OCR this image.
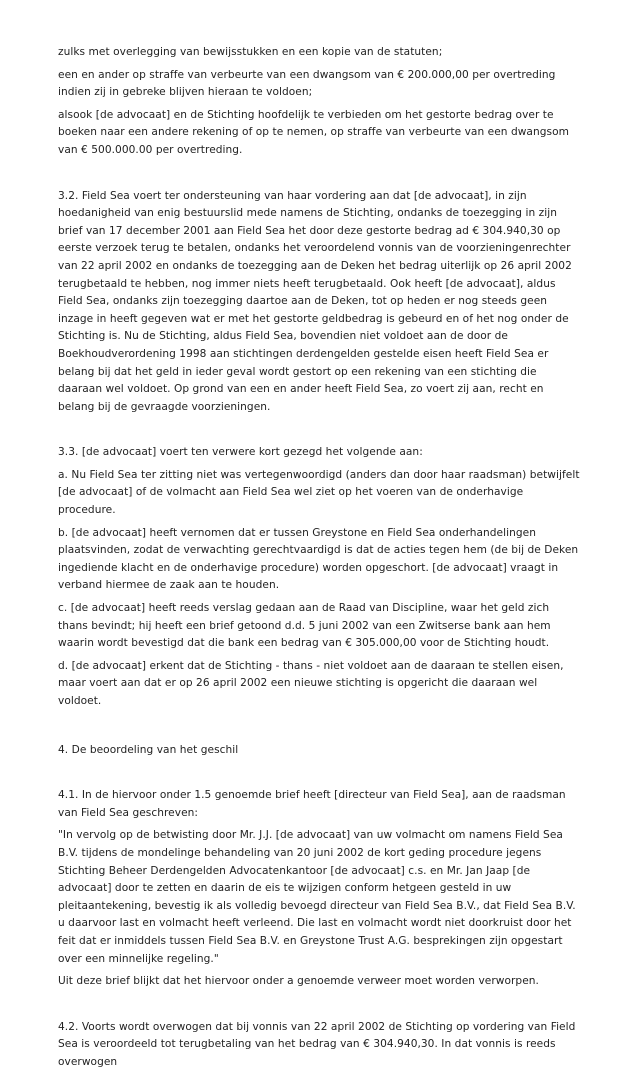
zulks met overlegging van bewijsstukken en een kopie van de statuten;

een en ander op straffe van verbeurte van een dwangsom van € 200.000,00 per overtreding indien zij in gebreke blijven hieraan te voldoen;

alsook [de advocaat] en de Stichting hoofdelijk te verbieden om het gestorte bedrag over te boeken naar een andere rekening of op te nemen, op straffe van verbeurte van een dwangsom van € 500.000.00 per overtreding.

3.2. Field Sea voert ter ondersteuning van haar vordering aan dat [de advocaat], in zijn hoedanigheid van enig bestuurslid mede namens de Stichting, ondanks de toezegging in zijn brief van 17 december 2001 aan Field Sea het door deze gestorte bedrag ad € 304.940,30 op eerste verzoek terug te betalen, ondanks het veroordelend vonnis van de voorzieningenrechter van 22 april 2002 en ondanks de toezegging aan de Deken het bedrag uiterlijk op 26 april 2002 terugbetaald te hebben, nog immer niets heeft terugbetaald. Ook heeft [de advocaat], aldus Field Sea, ondanks zijn toezegging daartoe aan de Deken, tot op heden er nog steeds geen inzage in heeft gegeven wat er met het gestorte geldbedrag is gebeurd en of het nog onder de Stichting is. Nu de Stichting, aldus Field Sea, bovendien niet voldoet aan de door de Boekhoudverordening 1998 aan stichtingen derdengelden gestelde eisen heeft Field Sea er belang bij dat het geld in ieder geval wordt gestort op een rekening van een stichting die daaraan wel voldoet. Op grond van een en ander heeft Field Sea, zo voert zij aan, recht en belang bij de gevraagde voorzieningen.

3.3. [de advocaat] voert ten verwere kort gezegd het volgende aan:

a. Nu Field Sea ter zitting niet was vertegenwoordigd (anders dan door haar raadsman) betwijfelt [de advocaat] of de volmacht aan Field Sea wel ziet op het voeren van de onderhavige procedure.

b. [de advocaat] heeft vernomen dat er tussen Greystone en Field Sea onderhandelingen plaatsvinden, zodat de verwachting gerechtvaardigd is dat de acties tegen hem (de bij de Deken ingediende klacht en de onderhavige procedure) worden opgeschort. [de advocaat] vraagt in verband hiermee de zaak aan te houden.

c. [de advocaat] heeft reeds verslag gedaan aan de Raad van Discipline, waar het geld zich thans bevindt; hij heeft een brief getoond d.d. 5 juni 2002 van een Zwitserse bank aan hem waarin wordt bevestigd dat die bank een bedrag van € 305.000,00 voor de Stichting houdt.

d. [de advocaat] erkent dat de Stichting - thans - niet voldoet aan de daaraan te stellen eisen, maar voert aan dat er op 26 april 2002 een nieuwe stichting is opgericht die daaraan wel voldoet.

4. De beoordeling van het geschil

4.1. In de hiervoor onder 1.5 genoemde brief heeft [directeur van Field Sea], aan de raadsman van Field Sea geschreven:

"In vervolg op de betwisting door Mr. J.J. [de advocaat] van uw volmacht om namens Field Sea B.V. tijdens de mondelinge behandeling van 20 juni 2002 de kort geding procedure jegens Stichting Beheer Derdengelden Advocatenkantoor [de advocaat] c.s. en Mr. Jan Jaap [de advocaat] door te zetten en daarin de eis te wijzigen conform hetgeen gesteld in uw pleitaantekening, bevestig ik als volledig bevoegd directeur van Field Sea B.V., dat Field Sea B.V. u daarvoor last en volmacht heeft verleend. Die last en volmacht wordt niet doorkruist door het feit dat er inmiddels tussen Field Sea B.V. en Greystone Trust A.G. besprekingen zijn opgestart over een minnelijke regeling."

Uit deze brief blijkt dat het hiervoor onder a genoemde verweer moet worden verworpen.

4.2. Voorts wordt overwogen dat bij vonnis van 22 april 2002 de Stichting op vordering van Field Sea is veroordeeld tot terugbetaling van het bedrag van € 304.940,30. In dat vonnis is reeds overwogen
